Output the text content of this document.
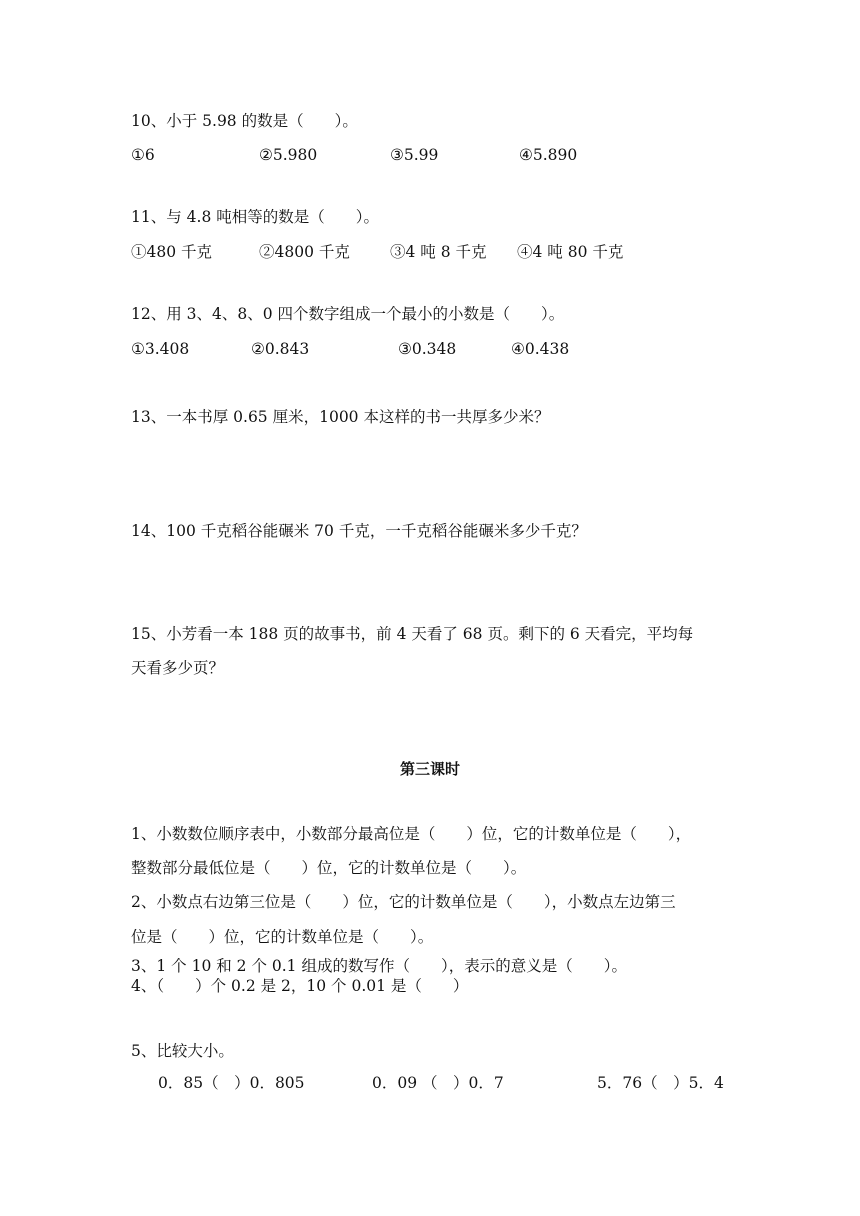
10、小于 5.98 的数是（　　）。
①6	②5.980	③5.99	④5.890
11、与 4.8 吨相等的数是（　　）。
①480 千克	②4800 千克	③4 吨 8 千克 ④4 吨 80 千克
12、用 3、4、8、0 四个数字组成一个最小的小数是（　　）。
①3.408	②0.843	③0.348	④0.438
13、一本书厚 0.65 厘米，1000 本这样的书一共厚多少米？
14、100 千克稻谷能碾米 70 千克，一千克稻谷能碾米多少千克？
15、小芳看一本 188 页的故事书，前 4 天看了 68 页。剩下的 6 天看完，平均每
天看多少页？
第三课时
1、小数数位顺序表中，小数部分最高位是（　　）位，它的计数单位是（　　），
整数部分最低位是（　　）位，它的计数单位是（　　）。
2、小数点右边第三位是（　　）位，它的计数单位是（　　），小数点左边第三
位是（　　）位，它的计数单位是（　　）。
3、1 个 10 和 2 个 0.1 组成的数写作（　　），表示的意义是（　　）。
4、（　　）个 0.2 是 2，10 个 0.01 是（　　）
5、比较大小。
0．85（　）0．805	0．09 （　）0．7	5．76（　）5．4
